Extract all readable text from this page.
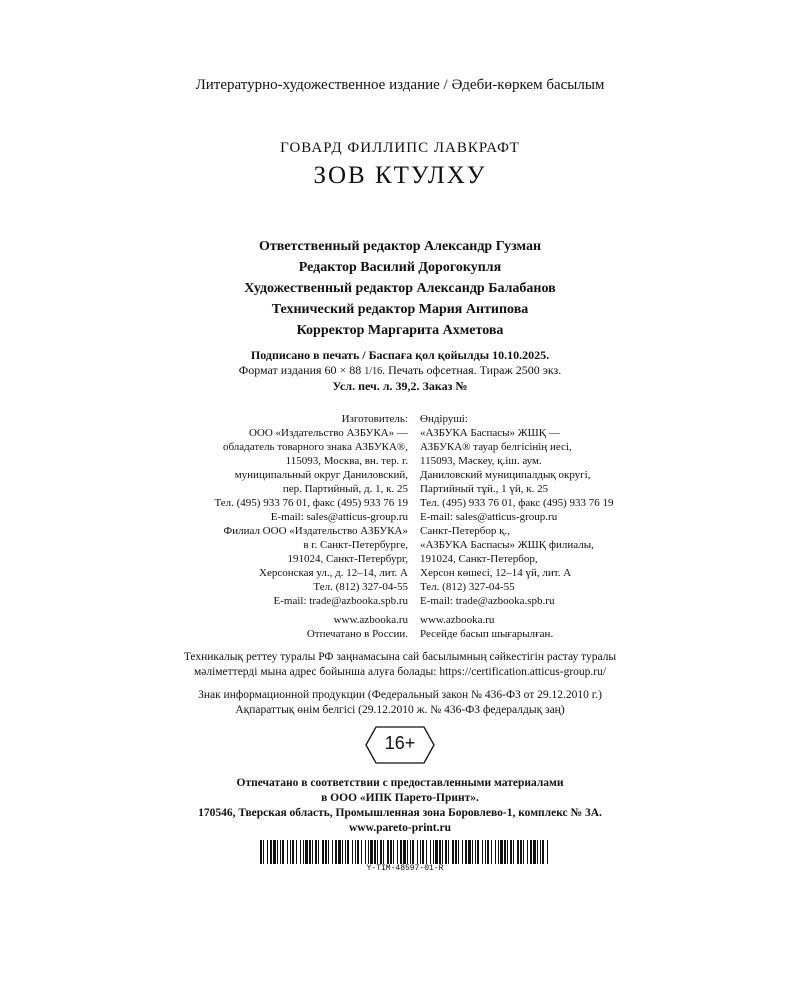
Литературно-художественное издание / Әдеби-көркем басылым
ГОВАРД ФИЛЛИПС ЛАВКРАФТ
ЗОВ КТУЛХУ
Ответственный редактор Александр Гузман
Редактор Василий Дорогокупля
Художественный редактор Александр Балабанов
Технический редактор Мария Антипова
Корректор Маргарита Ахметова
Подписано в печать / Баспаға қол қойылды 10.10.2025.
Формат издания 60 × 88 1/16. Печать офсетная. Тираж 2500 экз.
Усл. печ. л. 39,2. Заказ №
Изготовитель:	Өндіруші:
ООО «Издательство АЗБУКА» —	«АЗБУКА Баспасы» ЖШҚ —
обладатель товарного знака АЗБУКА®,	АЗБУКА® тауар белгісінің иесі,
115093, Москва, вн. тер. г.	115093, Мәскеу, қ.іш. аум.
муниципальный округ Даниловский,	Даниловский муниципалдық округі,
пер. Партийный, д. 1, к. 25	Партийный тұй., 1 үй, к. 25
Тел. (495) 933 76 01, факс (495) 933 76 19	Тел. (495) 933 76 01, факс (495) 933 76 19
E-mail: sales@atticus-group.ru	E-mail: sales@atticus-group.ru
Филиал ООО «Издательство АЗБУКА»	Санкт-Петербор қ.,
в г. Санкт-Петербурге,	«АЗБУКА Баспасы» ЖШҚ филиалы,
191024, Санкт-Петербург,	191024, Санкт-Петербор,
Херсонская ул., д. 12–14, лит. А	Херсон көшесі, 12–14 үй, лит. А
Тел. (812) 327-04-55	Тел. (812) 327-04-55
E-mail: trade@azbooka.spb.ru	E-mail: trade@azbooka.spb.ru
www.azbooka.ru	www.azbooka.ru
Отпечатано в России.	Ресейде басып шығарылған.
Техникалық реттеу туралы РФ заңнамасына сай басылымның сәйкестігін растау туралы
мәліметтерді мына адрес бойынша алуға болады: https://certification.atticus-group.ru/
Знак информационной продукции (Федеральный закон № 436-ФЗ от 29.12.2010 г.)
Ақпараттық өнім белгісі (29.12.2010 ж. № 436-ФЗ федералдық заң)
16+
Отпечатано в соответствии с предоставленными материалами
в ООО «ИПК Парето-Принт».
170546, Тверская область, Промышленная зона Боровлево-1, комплекс № 3А.
www.pareto-print.ru
Y-TIM-48597-01-R
